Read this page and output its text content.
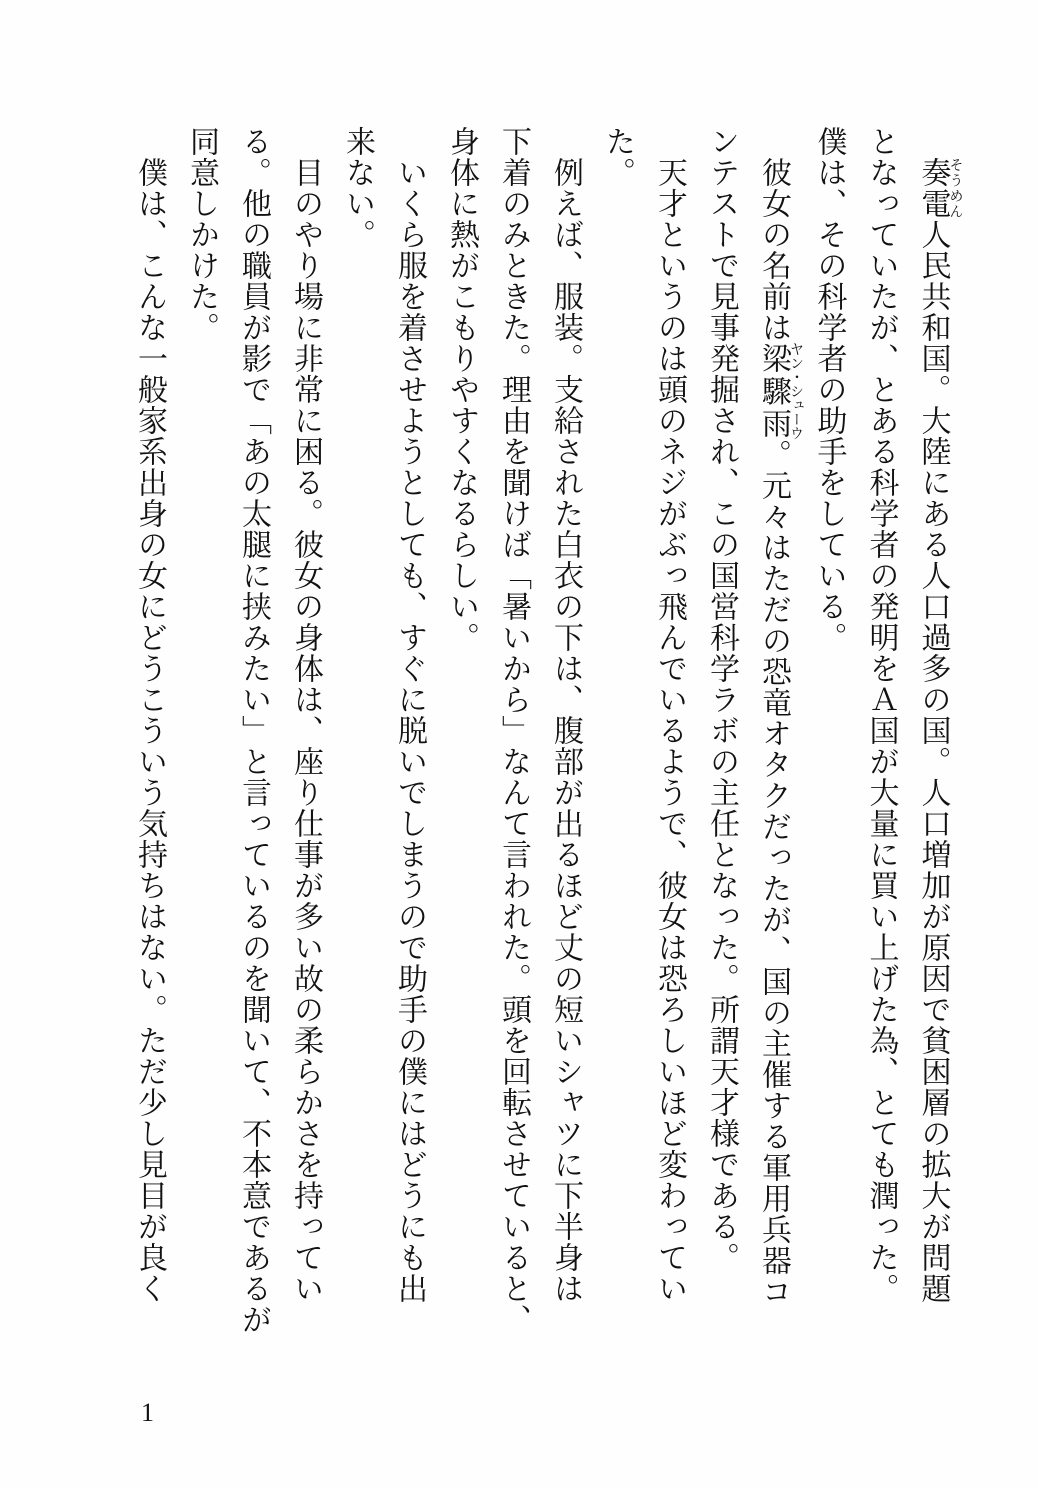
　奏電そうめん人民共和国。大陸にある人口過多の国。人口増加が原因で貧困層の拡大が問題
となっていたが、とある科学者の発明をＡ国が大量に買い上げた為、とても潤った。
僕は、その科学者の助手をしている。
　彼女の名前は梁驟雨ヤン・シューウ。元々はただの恐竜オタクだったが、国の主催する軍用兵器コ
ンテストで見事発掘され、この国営科学ラボの主任となった。所謂天才様である。
　天才というのは頭のネジがぶっ飛んでいるようで、彼女は恐ろしいほど変わってい
た。
　例えば、服装。支給された白衣の下は、腹部が出るほど丈の短いシャツに下半身は
下着のみときた。理由を聞けば「暑いから」なんて言われた。頭を回転させていると、
身体に熱がこもりやすくなるらしい。
　いくら服を着させようとしても、すぐに脱いでしまうので助手の僕にはどうにも出
来ない。
　目のやり場に非常に困る。彼女の身体は、座り仕事が多い故の柔らかさを持ってい
る。他の職員が影で「あの太腿に挟みたい」と言っているのを聞いて、不本意であるが
同意しかけた。
　僕は、こんな一般家系出身の女にどうこういう気持ちはない。ただ少し見目が良く
1
